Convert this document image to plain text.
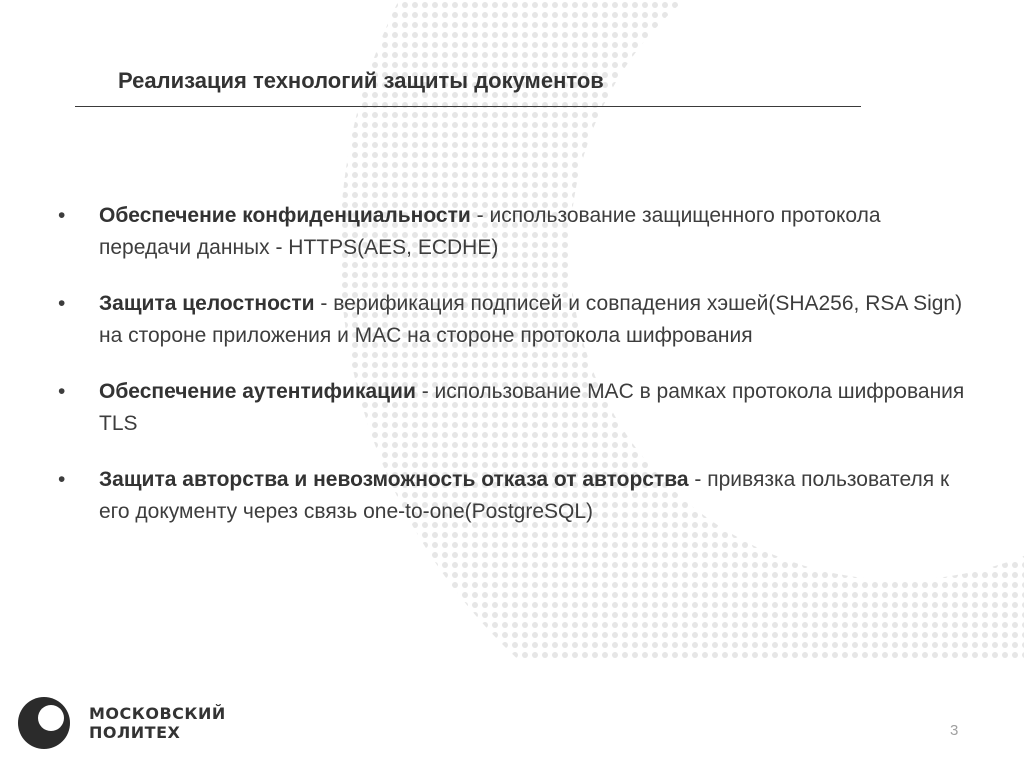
Реализация технологий защиты документов
• Обеспечение конфиденциальности - использование защищенного протокола передачи данных - HTTPS(AES, ECDHE)
• Защита целостности - верификация подписей и совпадения хэшей(SHA256, RSA Sign) на стороне приложения и MAC на стороне протокола шифрования
• Обеспечение аутентификации - использование MAC в рамках протокола шифрования TLS
• Защита авторства и невозможность отказа от авторства - привязка пользователя к его документу через связь one-to-one(PostgreSQL)
МОСКОВСКИЙ
ПОЛИТЕХ	3
